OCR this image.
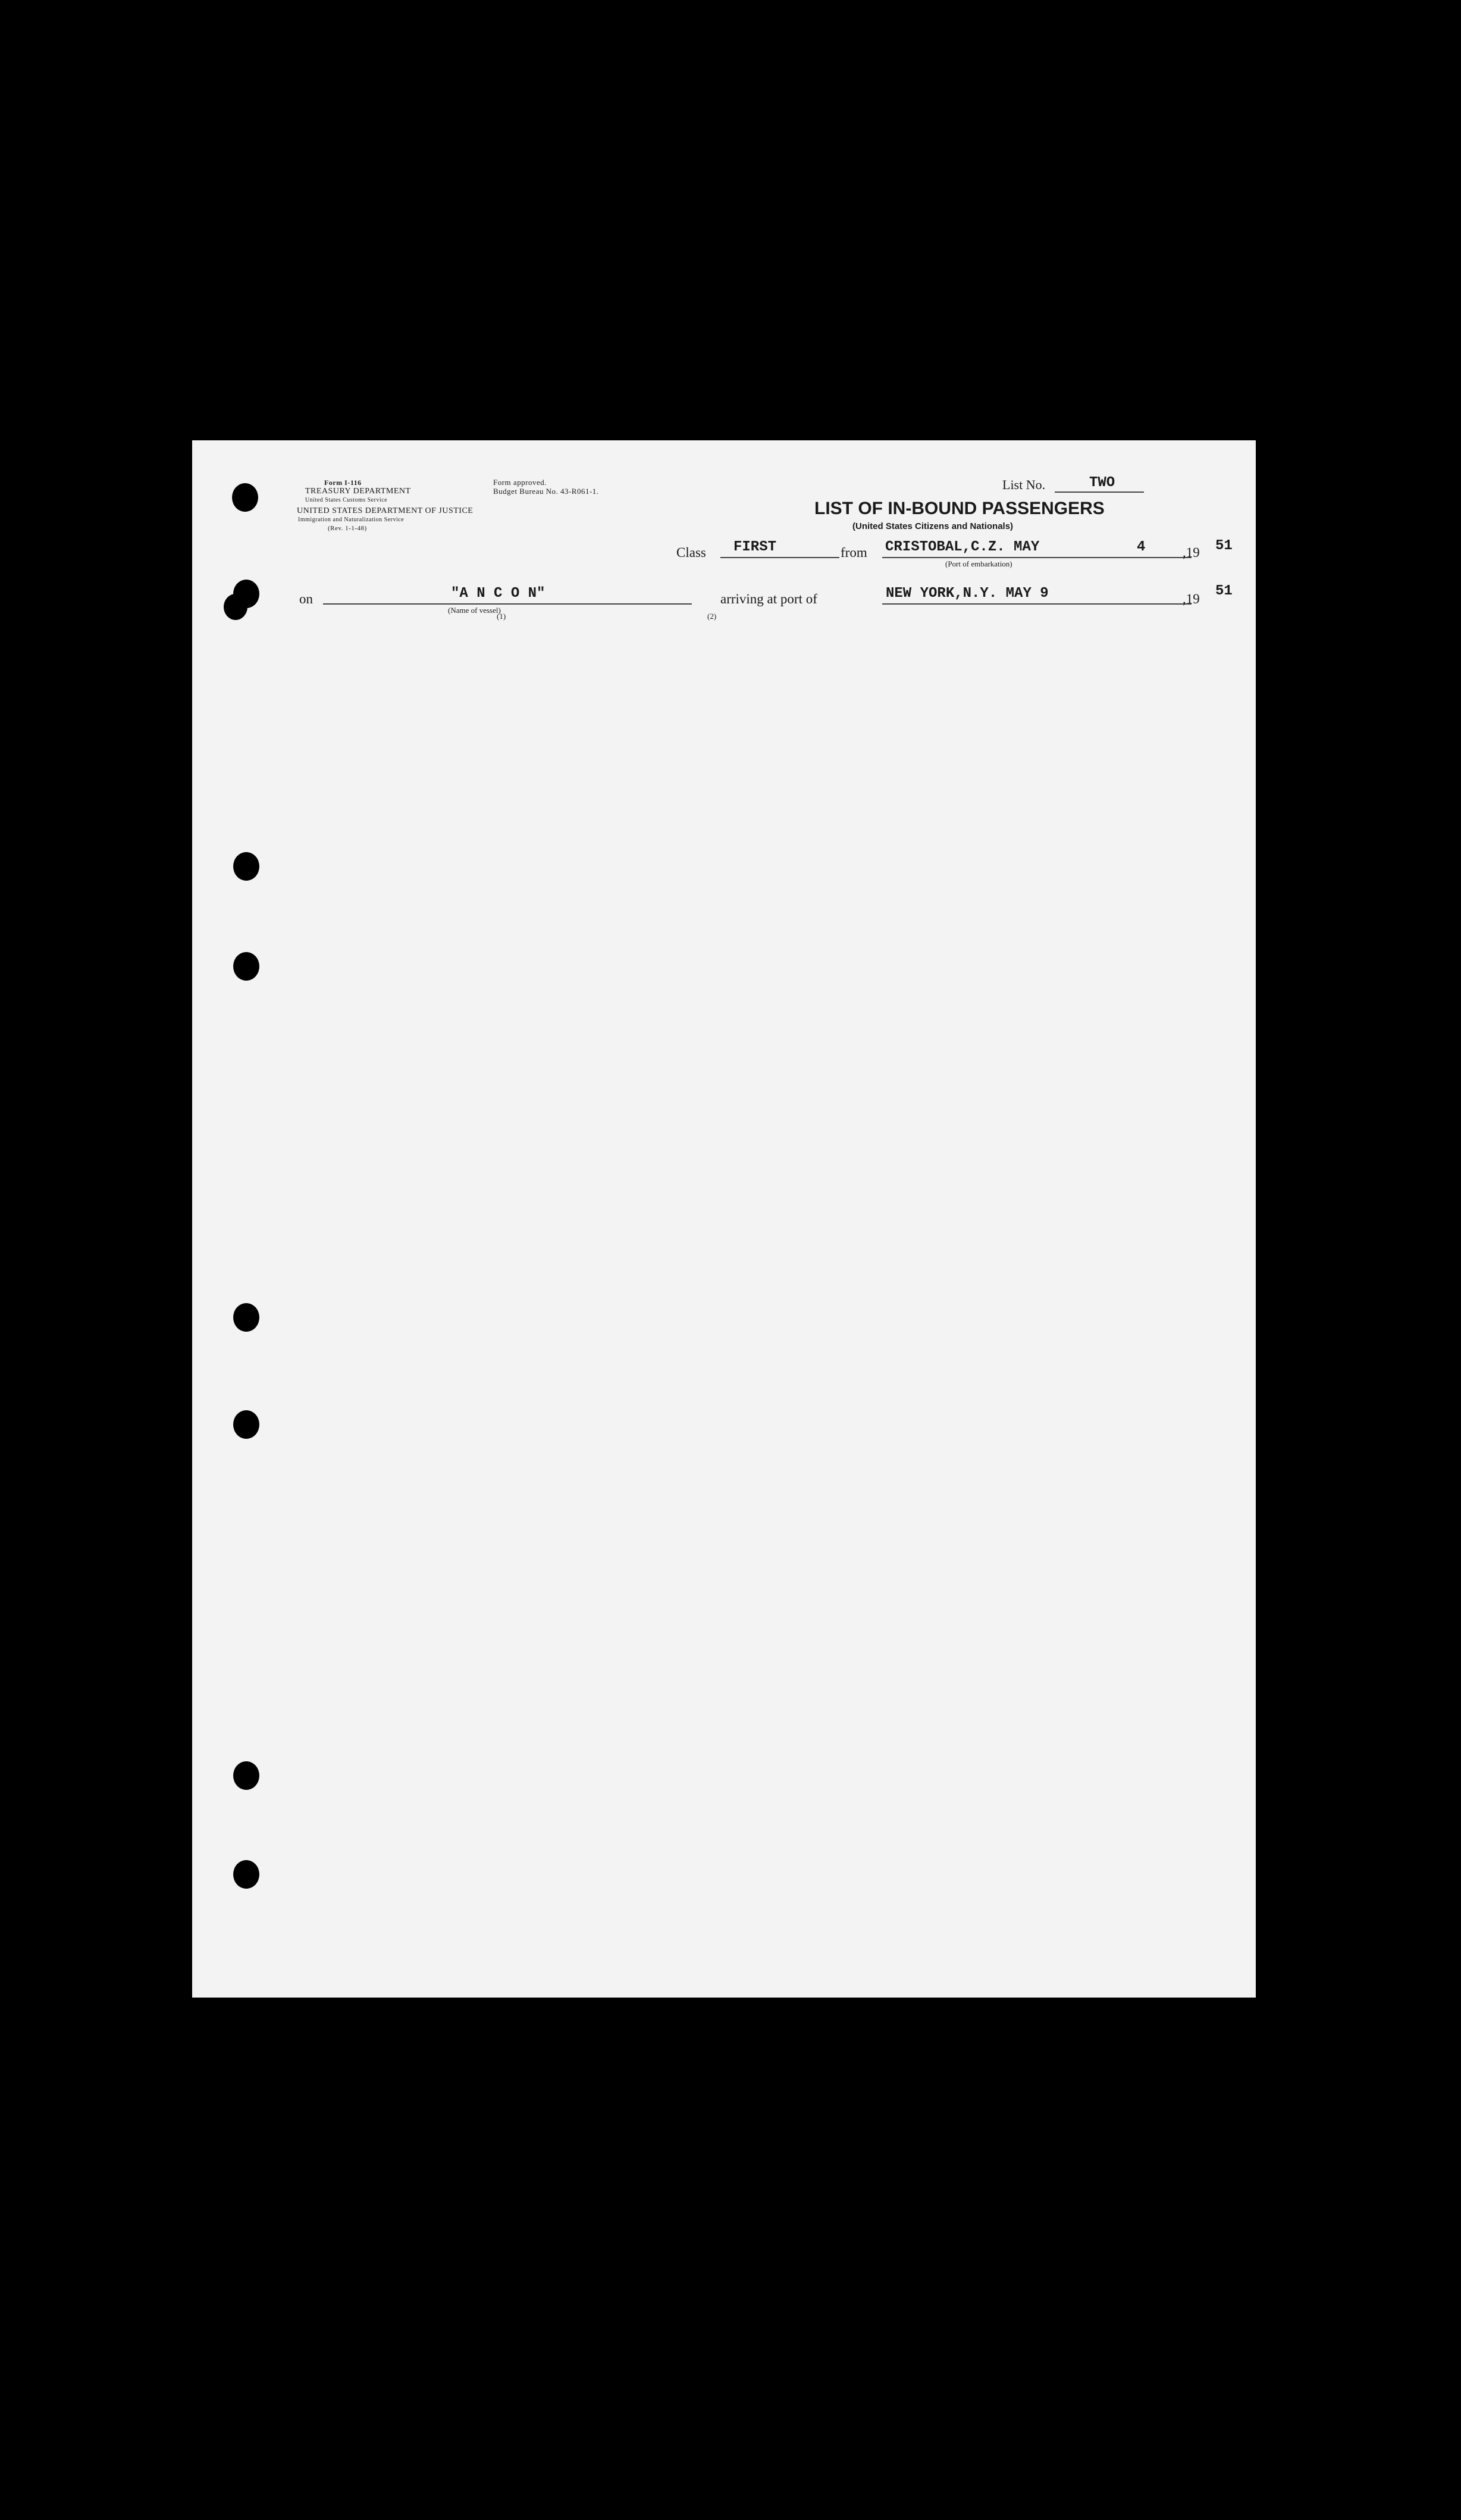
Form I-116
TREASURY DEPARTMENT
United States Customs Service
UNITED STATES DEPARTMENT OF JUSTICE
Immigration and Naturalization Service
(Rev. 1-1-48)
Form approved.
Budget Bureau No. 43-R061-1.	List No.	TWO
LIST OF IN-BOUND PASSENGERS
(United States Citizens and Nationals)
Class FIRST	from CRISTOBAL,C.Z. MAY	4	,19 51
(Port of embarkation)
on	"A N C O N"
(Name of vessel)
arriving at port of	NEW YORK,N.Y. MAY 9	,19 51
(1)	(2)
